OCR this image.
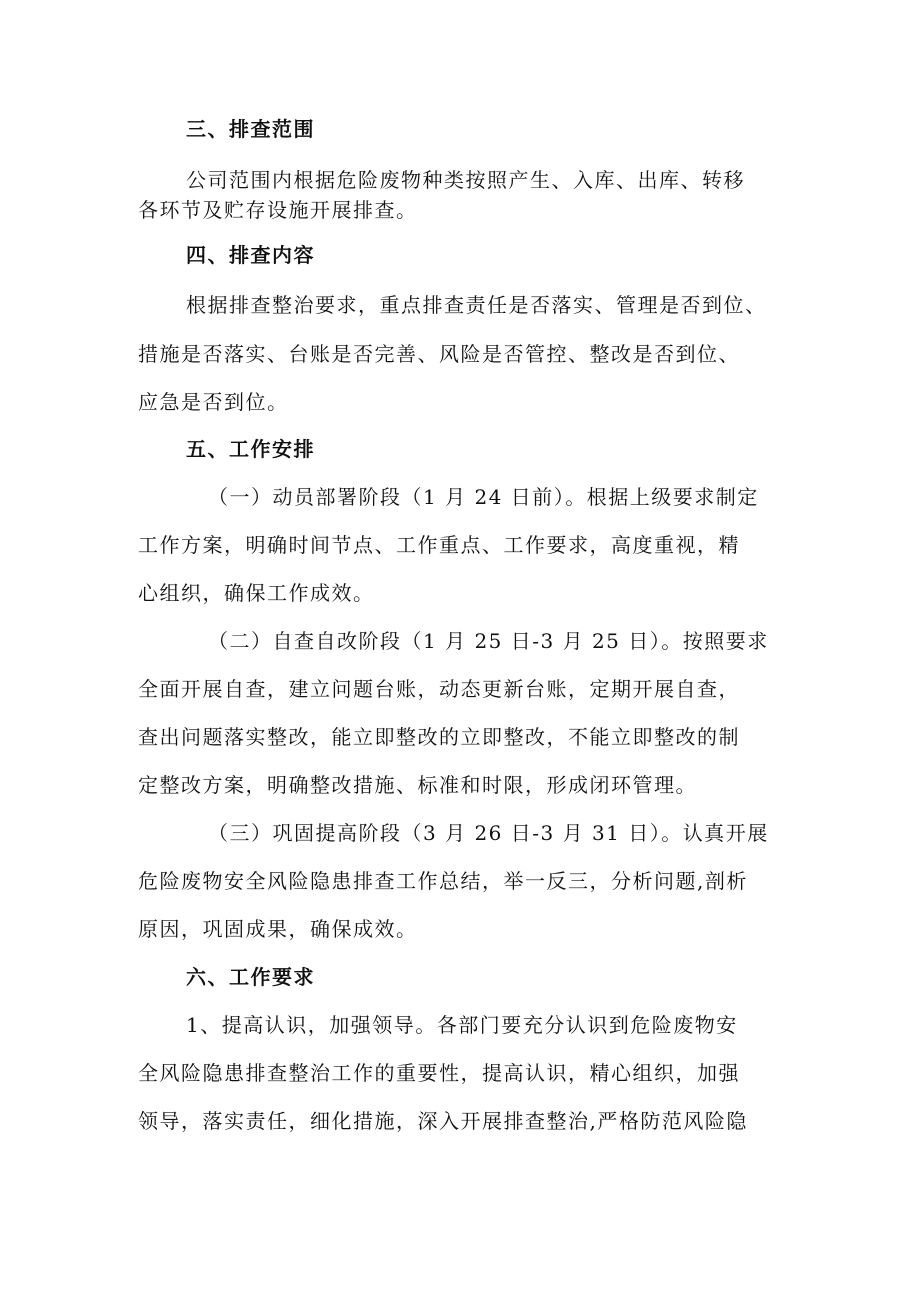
三、排查范围
公司范围内根据危险废物种类按照产生、入库、出库、转移
各环节及贮存设施开展排查。
四、排查内容
根据排查整治要求，重点排查责任是否落实、管理是否到位、
措施是否落实、台账是否完善、风险是否管控、整改是否到位、
应急是否到位。
五、工作安排
（一）动员部署阶段（1 月 24 日前）。根据上级要求制定
工作方案，明确时间节点、工作重点、工作要求，高度重视，精
心组织，确保工作成效。
（二）自查自改阶段（1 月 25 日-3 月 25 日）。按照要求
全面开展自查，建立问题台账，动态更新台账，定期开展自查，
查出问题落实整改，能立即整改的立即整改，不能立即整改的制
定整改方案，明确整改措施、标准和时限，形成闭环管理。
（三）巩固提高阶段（3 月 26 日-3 月 31 日）。认真开展
危险废物安全风险隐患排查工作总结，举一反三，分析问题,剖析
原因，巩固成果，确保成效。
六、工作要求
1、提高认识，加强领导。各部门要充分认识到危险废物安
全风险隐患排查整治工作的重要性，提高认识，精心组织，加强
领导，落实责任，细化措施，深入开展排查整治,严格防范风险隐
